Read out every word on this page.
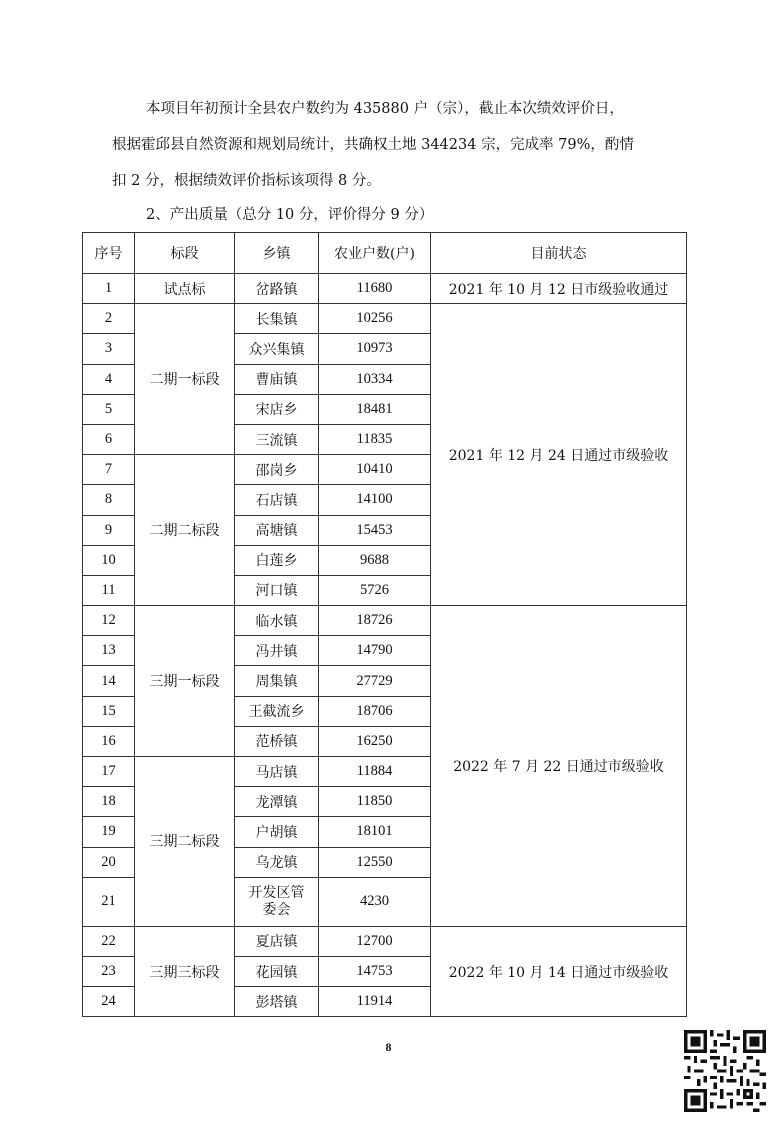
本项目年初预计全县农户数约为 435880 户（宗），截止本次绩效评价日，

根据霍邱县自然资源和规划局统计，共确权土地 344234 宗，完成率 79%，酌情

扣 2 分，根据绩效评价指标该项得 8 分。

2、产出质量（总分 10 分，评价得分 9 分）

序号	标段	乡镇	农业户数(户)	目前状态
1	试点标	岔路镇	11680	2021 年 10 月 12 日市级验收通过
2	二期一标段	长集镇	10256	2021 年 12 月 24 日通过市级验收
3		众兴集镇	10973	
4		曹庙镇	10334	
5		宋店乡	18481	
6		三流镇	11835	
7	二期二标段	邵岗乡	10410	
8		石店镇	14100	
9		高塘镇	15453	
10		白莲乡	9688	
11		河口镇	5726	
12	三期一标段	临水镇	18726	2022 年 7 月 22 日通过市级验收
13		冯井镇	14790	
14		周集镇	27729	
15		王截流乡	18706	
16		范桥镇	16250	
17	三期二标段	马店镇	11884	
18		龙潭镇	11850	
19		户胡镇	18101	
20		乌龙镇	12550	
21		开发区管委会	4230	
22	三期三标段	夏店镇	12700	2022 年 10 月 14 日通过市级验收
23		花园镇	14753	
24		彭塔镇	11914	
8
